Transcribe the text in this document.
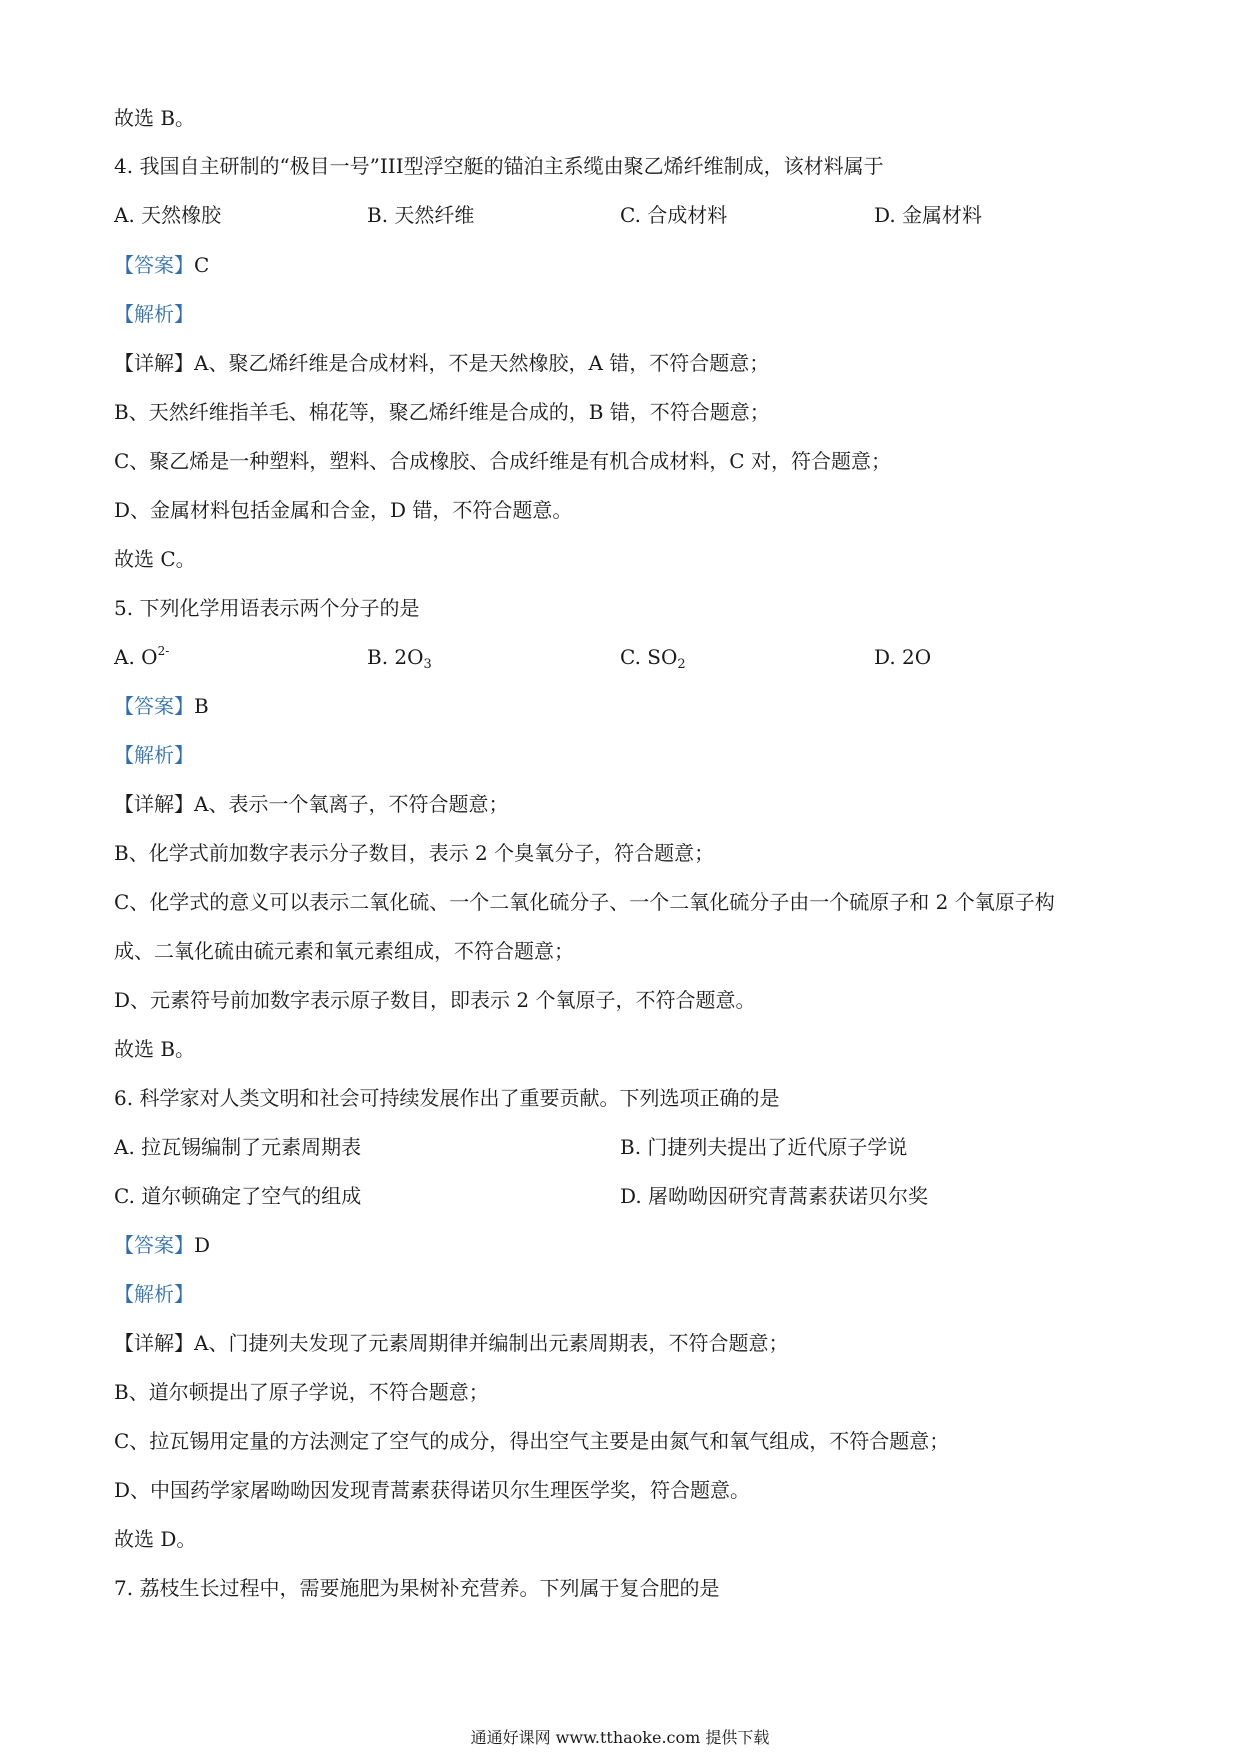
故选 B。
4. 我国自主研制的“极目一号”III型浮空艇的锚泊主系缆由聚乙烯纤维制成，该材料属于
A. 天然橡胶	B. 天然纤维	C. 合成材料	D. 金属材料
【答案】C
【解析】
【详解】A、聚乙烯纤维是合成材料，不是天然橡胶，A 错，不符合题意；
B、天然纤维指羊毛、棉花等，聚乙烯纤维是合成的，B 错，不符合题意；
C、聚乙烯是一种塑料，塑料、合成橡胶、合成纤维是有机合成材料，C 对，符合题意；
D、金属材料包括金属和合金，D 错，不符合题意。
故选 C。
5. 下列化学用语表示两个分子的是
A. $O^{2-}$	B. $2O_3$	C. $SO_2$	D. 2O
【答案】B
【解析】
【详解】A、表示一个氧离子，不符合题意；
B、化学式前加数字表示分子数目，表示 2 个臭氧分子，符合题意；
C、化学式的意义可以表示二氧化硫、一个二氧化硫分子、一个二氧化硫分子由一个硫原子和 2 个氧原子构
成、二氧化硫由硫元素和氧元素组成，不符合题意；
D、元素符号前加数字表示原子数目，即表示 2 个氧原子，不符合题意。
故选 B。
6. 科学家对人类文明和社会可持续发展作出了重要贡献。下列选项正确的是
A. 拉瓦锡编制了元素周期表	B. 门捷列夫提出了近代原子学说
C. 道尔顿确定了空气的组成	D. 屠呦呦因研究青蒿素获诺贝尔奖
【答案】D
【解析】
【详解】A、门捷列夫发现了元素周期律并编制出元素周期表，不符合题意；
B、道尔顿提出了原子学说，不符合题意；
C、拉瓦锡用定量的方法测定了空气的成分，得出空气主要是由氮气和氧气组成，不符合题意；
D、中国药学家屠呦呦因发现青蒿素获得诺贝尔生理医学奖，符合题意。
故选 D。
7. 荔枝生长过程中，需要施肥为果树补充营养。下列属于复合肥的是
通通好课网 www.tthaoke.com 提供下载
